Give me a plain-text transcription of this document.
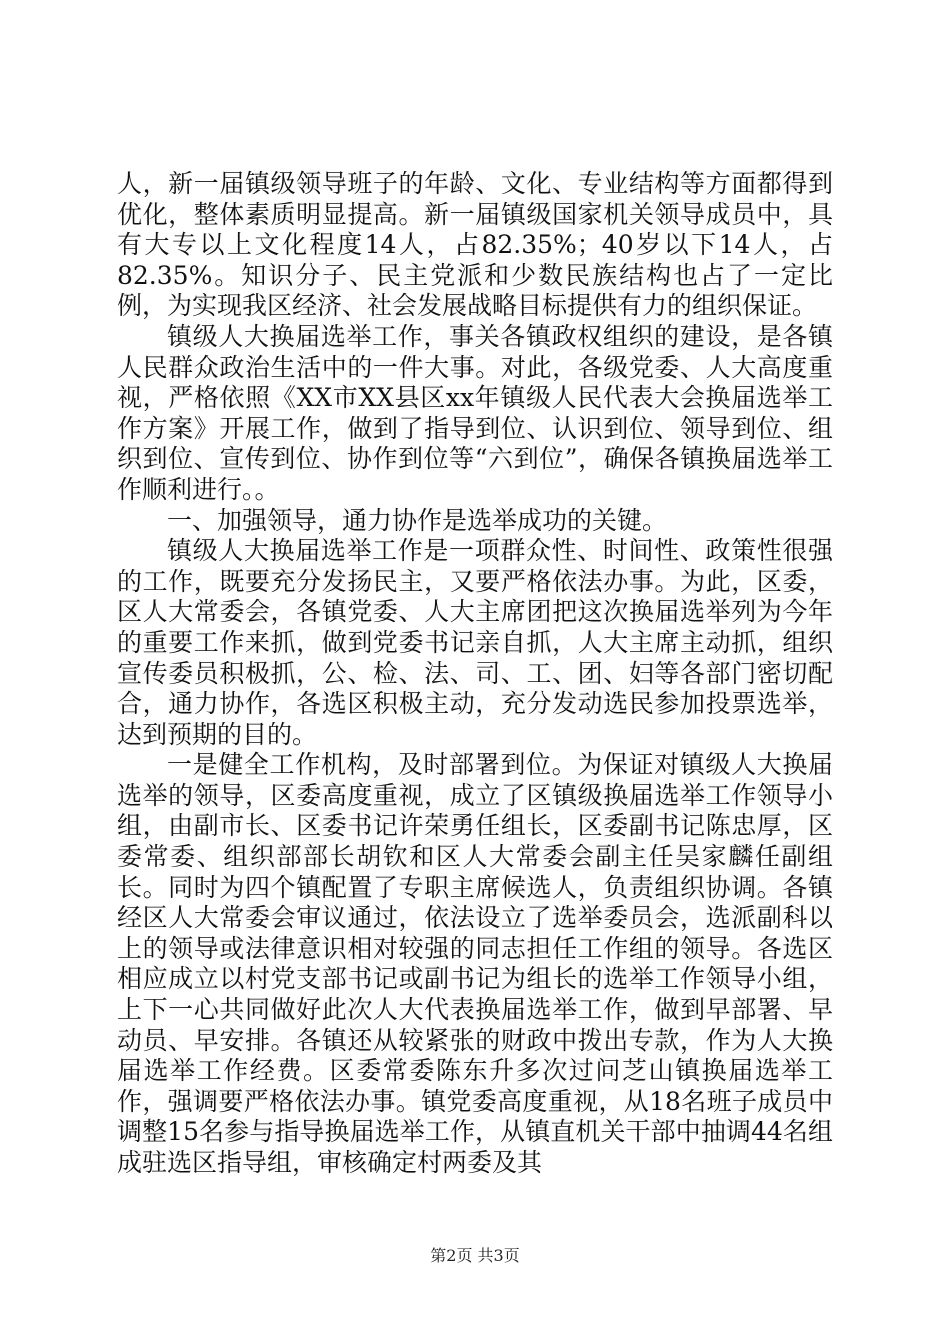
人，新一届镇级领导班子的年龄、文化、专业结构等方面都得到优化，整体素质明显提高。新一届镇级国家机关领导成员中，具有大专以上文化程度14人，占82.35%；40岁以下14人，占82.35%。知识分子、民主党派和少数民族结构也占了一定比例，为实现我区经济、社会发展战略目标提供有力的组织保证。

镇级人大换届选举工作，事关各镇政权组织的建设，是各镇人民群众政治生活中的一件大事。对此，各级党委、人大高度重视，严格依照《XX市XX县区xx年镇级人民代表大会换届选举工作方案》开展工作，做到了指导到位、认识到位、领导到位、组织到位、宣传到位、协作到位等“六到位”，确保各镇换届选举工作顺利进行。。

一、加强领导，通力协作是选举成功的关键。

镇级人大换届选举工作是一项群众性、时间性、政策性很强的工作，既要充分发扬民主，又要严格依法办事。为此，区委，区人大常委会，各镇党委、人大主席团把这次换届选举列为今年的重要工作来抓，做到党委书记亲自抓，人大主席主动抓，组织宣传委员积极抓，公、检、法、司、工、团、妇等各部门密切配合，通力协作，各选区积极主动，充分发动选民参加投票选举，达到预期的目的。

一是健全工作机构，及时部署到位。为保证对镇级人大换届选举的领导，区委高度重视，成立了区镇级换届选举工作领导小组，由副市长、区委书记许荣勇任组长，区委副书记陈忠厚，区委常委、组织部部长胡钦和区人大常委会副主任吴家麟任副组长。同时为四个镇配置了专职主席候选人，负责组织协调。各镇经区人大常委会审议通过，依法设立了选举委员会，选派副科以上的领导或法律意识相对较强的同志担任工作组的领导。各选区相应成立以村党支部书记或副书记为组长的选举工作领导小组，上下一心共同做好此次人大代表换届选举工作，做到早部署、早动员、早安排。各镇还从较紧张的财政中拨出专款，作为人大换届选举工作经费。区委常委陈东升多次过问芝山镇换届选举工作，强调要严格依法办事。镇党委高度重视，从18名班子成员中调整15名参与指导换届选举工作，从镇直机关干部中抽调44名组成驻选区指导组，审核确定村两委及其

第2页 共3页
